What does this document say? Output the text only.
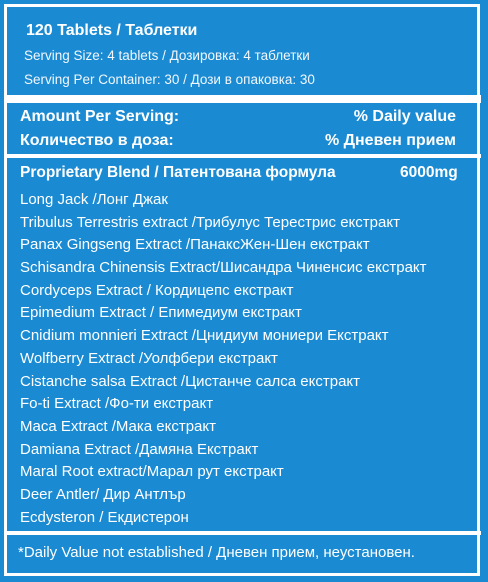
120 Tablets / Таблетки
Serving Size: 4 tablets / Дозировка: 4 таблетки
Serving Per Container: 30 / Дози в опаковка: 30
Amount Per Serving:	% Daily value
Количество в доза:	% Дневен прием
Proprietary Blend / Патентована формула	6000mg
Long Jack /Лонг Джак
Tribulus Terrestris extract /Трибулус Терестрис екстракт
Panax Gingseng Extract /ПанаксЖен-Шен екстракт
Schisandra Chinensis Extract/Шисандра Чиненсис екстракт
Cordyceps Extract / Кордицепс екстракт
Epimedium Extract / Епимедиум екстракт
Cnidium monnieri Extract /Цнидиум мониери Екстракт
Wolfberry Extract /Уолфбери екстракт
Cistanche salsa Extract /Цистанче салса екстракт
Fo-ti Extract /Фо-ти екстракт
Maca Extract /Мака екстракт
Damiana Extract /Дамяна Екстракт
Maral Root extract/Марал рут екстракт
Deer Antler/ Дир Антлър
Ecdysteron / Екдистерон
*Daily Value not established / Дневен прием, неустановен.
